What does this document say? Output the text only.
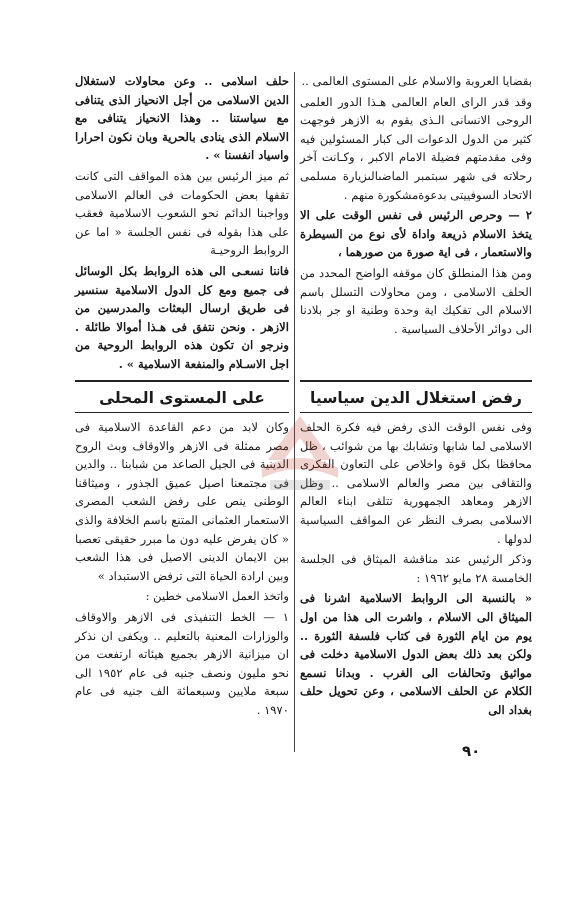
بقضايا العروبة والاسلام على المستوى العالمى ..

وقد قدر الراى العام العالمى هـذا الدور العلمى الروحى الانسانى الـذى يقوم به الازهر فوجهت كثير من الدول الدعوات الى كبار المسئولين فيه وفى مقدمتهم فضيلة الامام الاكبر ، وكـانت آخر رحلاته فى شهر سبتمبر الماضىالىزيارة مسلمى الاتحاد السوفييتى بدعوةمشكورة منهم .

٢ — وحرص الرئيس فى نفس الوقت على الا يتخذ الاسلام ذريعة واداة لأى نوع من السيطرة والاستعمار ، فى اية صورة من صورهما ،

ومن هذا المنطلق كان موقفه الواضح المحدد من الحلف الاسلامى ، ومن محاولات التسلل باسم الاسلام الى تفكيك اية وحدة وطنية او جر بلادنا الى دوائر الأحلاف السياسية .

حلف اسلامى .. وعن محاولات لاستغلال الدين الاسلامى من أجل الانحياز الذى يتنافى مع سياستنا .. وهذا الانحياز يتنافى مع الاسلام الذى ينادى بالحرية وبان نكون احرارا واسياد انفسنا » .

ثم ميز الرئيس بين هذه المواقف التى كانت تقفها بعض الحكومات فى العالم الاسلامى وواجبنا الدائم نحو الشعوب الاسلامية فعقب على هذا بقوله فى نفس الجلسة « اما عن الروابط الروحيـة

فاننا نسعـى الى هذه الروابط بكل الوسائل فى جميع ومع كل الدول الاسلامية سنسير فى طريق ارسال البعثات والمدرسين من الازهر . ونحن نتفق فى هـذا أموالا طائلة . ونرجو ان تكون هذه الروابط الروحية من اجل الاسـلام والمنفعة الاسلامية » .

رفض استغلال الدين سياسيا
على المستوى المحلى

وفى نفس الوقت الذى رفض فيه فكرة الحلف الاسلامى لما شابها وتشابك بها من شوائب ، ظل محافظا بكل قوة واخلاص على التعاون الفكرى والتقافى بين مصر والعالم الاسلامى .. وظل الازهر ومعاهد الجمهورية تتلقى ابناء العالم الاسلامى بصرف النظر عن المواقف السياسية لدولها .

وذكر الرئيس عند مناقشة الميثاق فى الجلسة الخامسة ٢٨ مايو ١٩٦٢ :

« بالنسبة الى الروابط الاسلامية اشرنا فى الميثاق الى الاسلام ، واشرت الى هذا من اول يوم من ايام الثورة فى كتاب فلسفة الثورة .. ولكن بعد ذلك بعض الدول الاسلامية دخلت فى مواثيق وتحالفات الى الغرب . وبدانا نسمع الكلام عن الحلف الاسلامى ، وعن تحويل حلف بغداد الى

وكان لابد من دعم القاعدة الاسلامية فى مصر ممثلة فى الازهر والاوقاف وبث الروح الدينية فى الجيل الصاعد من شبابنا .. والدين فى مجتمعنا اصيل عميق الجذور ، وميثاقنا الوطنى ينص على رفض الشعب المصرى الاستعمار العثمانى المتنع باسم الخلافة والذى « كان يفرض عليه دون ما مبرر حقيقى تعصبا بين الايمان الدينى الاصيل فى هذا الشعب وبين ارادة الحياة التى ترفض الاستبداد »

واتخذ العمل الاسلامى خطين :

١ — الخط التنفيذى فى الازهر والاوقاف والوزارات المعنية بالتعليم .. ويكفى ان نذكر ان ميزانية الازهر بجميع هيئاته ارتفعت من نحو مليون ونصف جنيه فى عام ١٩٥٢ الى سبعة ملايين وسبعمائة الف جنيه فى عام ١٩٧٠ .

٩٠
